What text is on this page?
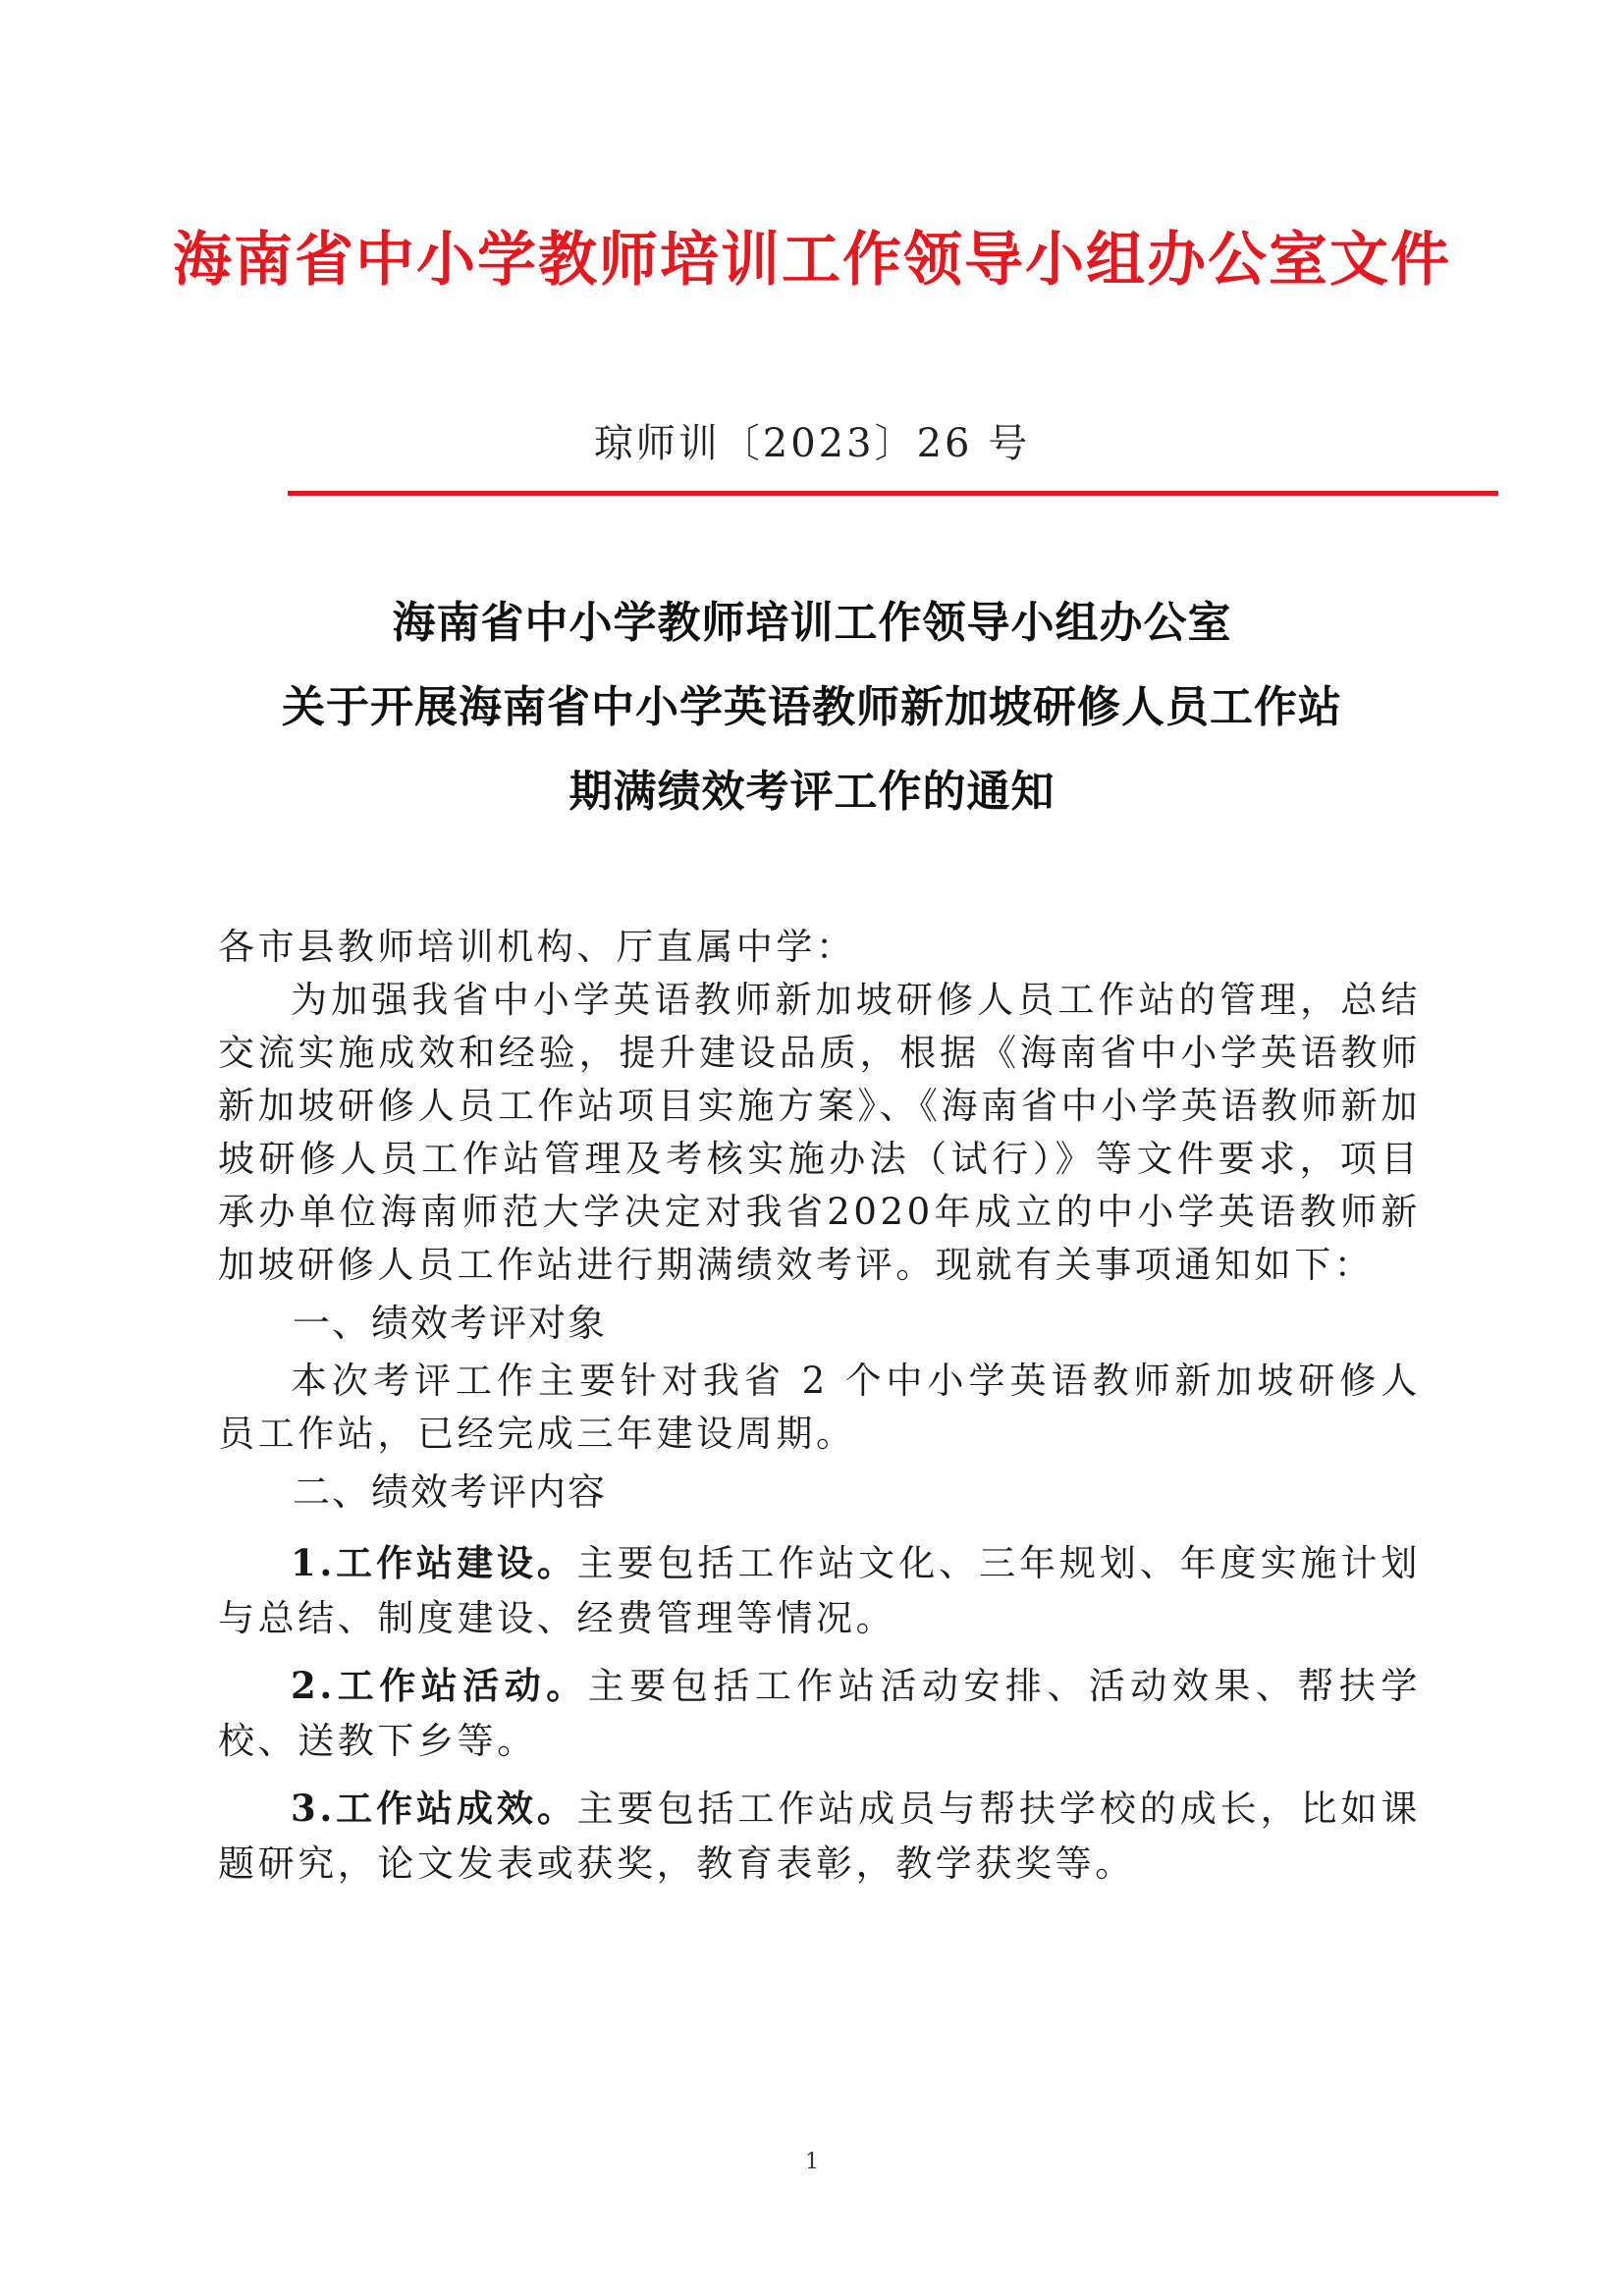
海南省中小学教师培训工作领导小组办公室文件
琼师训〔2023〕26 号
海南省中小学教师培训工作领导小组办公室
关于开展海南省中小学英语教师新加坡研修人员工作站
期满绩效考评工作的通知

各市县教师培训机构、厅直属中学：

为加强我省中小学英语教师新加坡研修人员工作站的管理，总结交流实施成效和经验，提升建设品质，根据《海南省中小学英语教师新加坡研修人员工作站项目实施方案》、《海南省中小学英语教师新加坡研修人员工作站管理及考核实施办法（试行）》等文件要求，项目承办单位海南师范大学决定对我省2020年成立的中小学英语教师新加坡研修人员工作站进行期满绩效考评。现就有关事项通知如下：

一、绩效考评对象

本次考评工作主要针对我省 2 个中小学英语教师新加坡研修人员工作站，已经完成三年建设周期。

二、绩效考评内容

1.工作站建设。主要包括工作站文化、三年规划、年度实施计划与总结、制度建设、经费管理等情况。

2.工作站活动。主要包括工作站活动安排、活动效果、帮扶学校、送教下乡等。

3.工作站成效。主要包括工作站成员与帮扶学校的成长，比如课题研究，论文发表或获奖，教育表彰，教学获奖等。

1
